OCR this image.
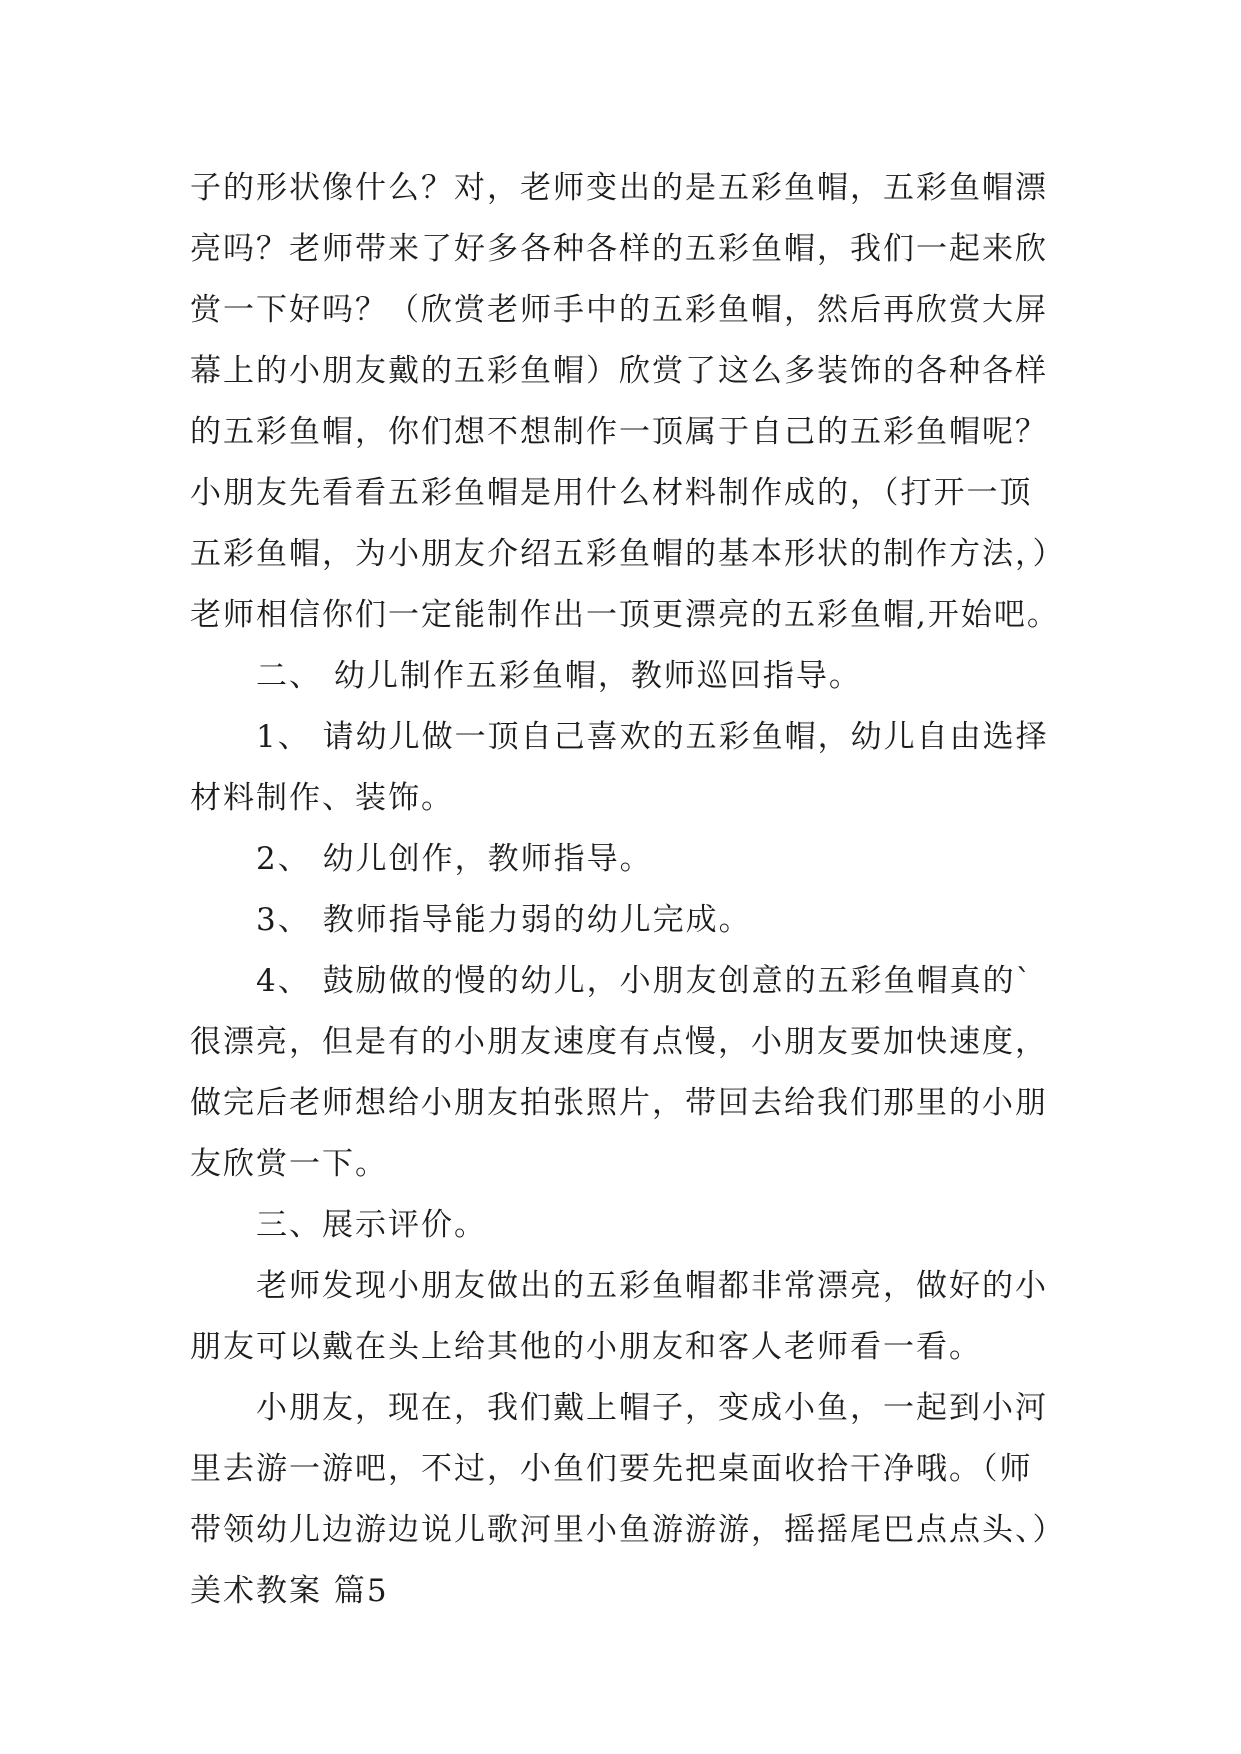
子的形状像什么？对，老师变出的是五彩鱼帽，五彩鱼帽漂
亮吗？老师带来了好多各种各样的五彩鱼帽，我们一起来欣
赏一下好吗？（欣赏老师手中的五彩鱼帽，然后再欣赏大屏
幕上的小朋友戴的五彩鱼帽）欣赏了这么多装饰的各种各样
的五彩鱼帽，你们想不想制作一顶属于自己的五彩鱼帽呢？
小朋友先看看五彩鱼帽是用什么材料制作成的，（打开一顶
五彩鱼帽，为小朋友介绍五彩鱼帽的基本形状的制作方法，）
老师相信你们一定能制作出一顶更漂亮的五彩鱼帽,开始吧。
二、 幼儿制作五彩鱼帽，教师巡回指导。
1、 请幼儿做一顶自己喜欢的五彩鱼帽，幼儿自由选择
材料制作、装饰。
2、 幼儿创作，教师指导。
3、 教师指导能力弱的幼儿完成。
4、 鼓励做的慢的幼儿，小朋友创意的五彩鱼帽真的`
很漂亮，但是有的小朋友速度有点慢，小朋友要加快速度，
做完后老师想给小朋友拍张照片，带回去给我们那里的小朋
友欣赏一下。
三、展示评价。
老师发现小朋友做出的五彩鱼帽都非常漂亮，做好的小
朋友可以戴在头上给其他的小朋友和客人老师看一看。
小朋友，现在，我们戴上帽子，变成小鱼，一起到小河
里去游一游吧，不过，小鱼们要先把桌面收拾干净哦。（师
带领幼儿边游边说儿歌河里小鱼游游游，摇摇尾巴点点头、）
美术教案 篇5
